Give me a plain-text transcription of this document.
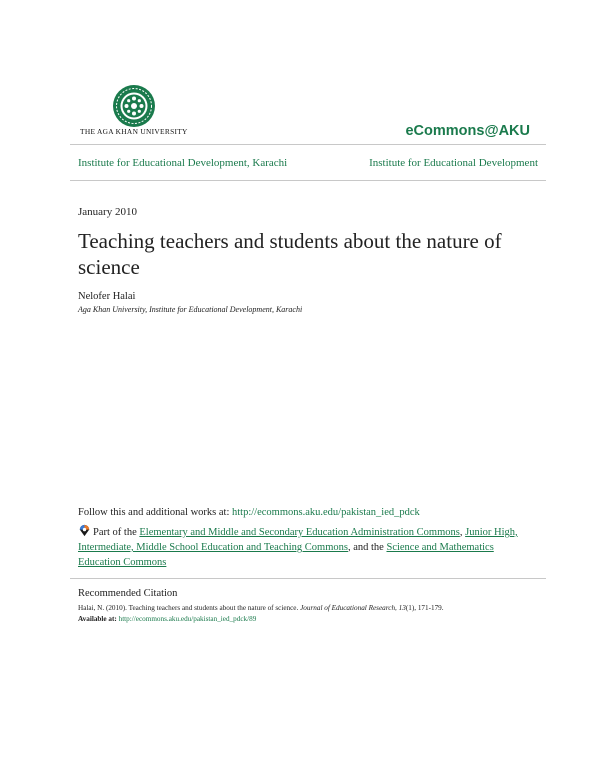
THE AGA KHAN UNIVERSITY	eCommons@AKU
Institute for Educational Development, Karachi	Institute for Educational Development
January 2010
Teaching teachers and students about the nature of science
Nelofer Halai
Aga Khan University, Institute for Educational Development, Karachi
Follow this and additional works at: http://ecommons.aku.edu/pakistan_ied_pdck
Part of the Elementary and Middle and Secondary Education Administration Commons, Junior High, Intermediate, Middle School Education and Teaching Commons, and the Science and Mathematics Education Commons
Recommended Citation
Halai, N. (2010). Teaching teachers and students about the nature of science. Journal of Educational Research, 13(1), 171-179.
Available at: http://ecommons.aku.edu/pakistan_ied_pdck/89
